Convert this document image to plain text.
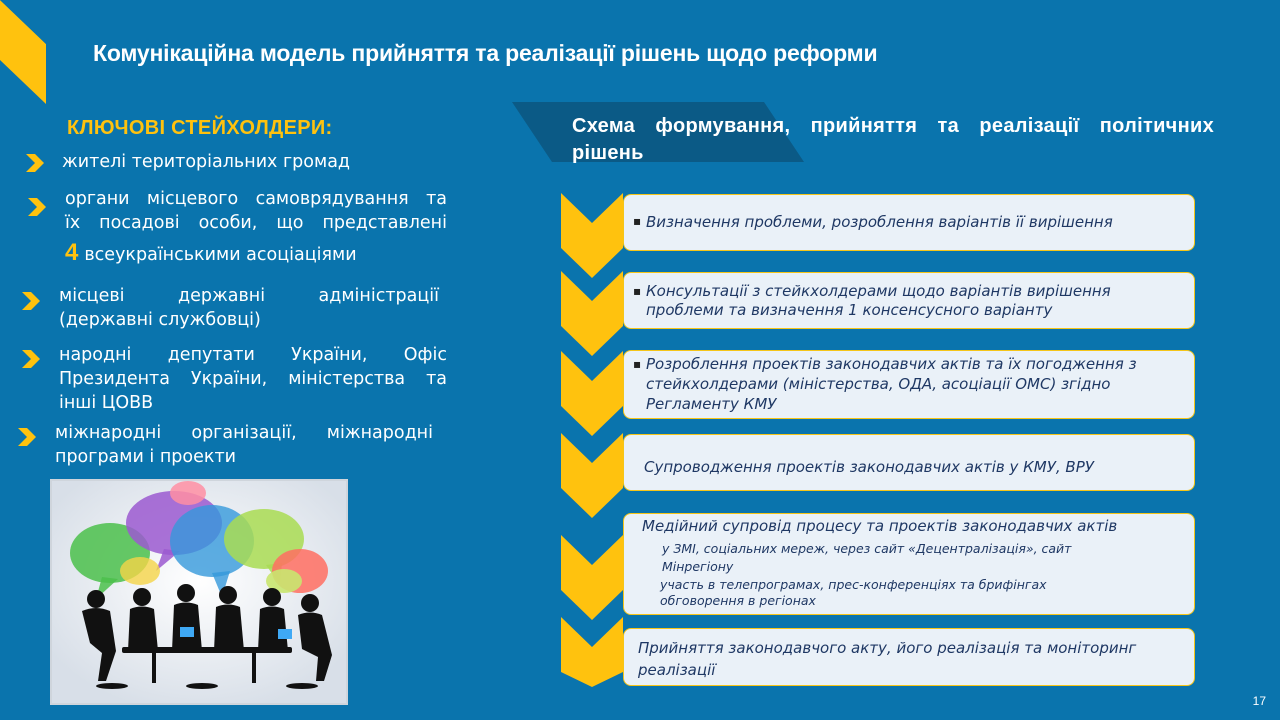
Комунікаційна модель прийняття та реалізації рішень щодо реформи
КЛЮЧОВІ СТЕЙХОЛДЕРИ:
жителі територіальних громад
органи місцевого самоврядування та
їх посадові особи, що представлені
4 всеукраїнськими асоціаціями
місцеві державні адміністрації
(державні службовці)
народні депутати України, Офіс
Президента України, міністерства та
інші ЦОВВ
міжнародні організації, міжнародні
програми і проекти
Схема формування, прийняття та реалізації політичних рішень
▪ Визначення проблеми, розроблення варіантів її вирішення
▪ Консультації з стейкхолдерами щодо варіантів вирішення
проблеми та визначення 1 консенсусного варіанту
▪ Розроблення проектів законодавчих актів та їх погодження з
стейкхолдерами (міністерства, ОДА, асоціації ОМС) згідно
Регламенту КМУ
Супроводження проектів законодавчих актів у КМУ, ВРУ
Медійний супровід процесу та проектів законодавчих актів
у ЗМІ, соціальних мереж, через сайт «Децентралізація», сайт
Мінрегіону
участь в телепрограмах, прес-конференціях та брифінгах
обговорення в регіонах
Прийняття законодавчого акту, його реалізація та моніторинг
реалізації
17
